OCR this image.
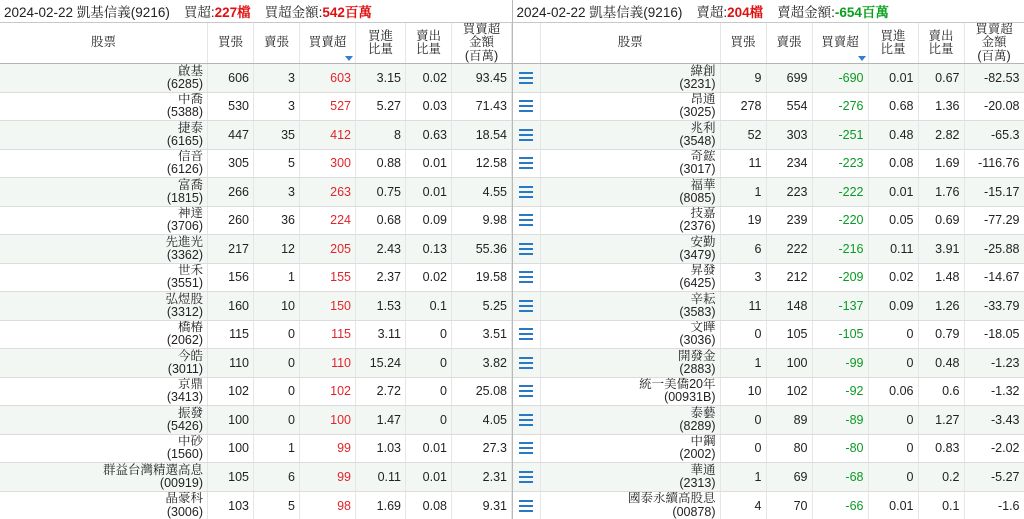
2024-02-22 凱基信義(9216) 買超: 227檔 買超金額: 542百萬
股票	買張	賣張	買賣超	買進比量	賣出比量	買賣超金額(百萬)
啟基
(6285)	606	3	603	3.15	0.02	93.45
中喬
(5388)	530	3	527	5.27	0.03	71.43
捷泰
(6165)	447	35	412	8	0.63	18.54
信音
(6126)	305	5	300	0.88	0.01	12.58
富喬
(1815)	266	3	263	0.75	0.01	4.55
神達
(3706)	260	36	224	0.68	0.09	9.98
先進光
(3362)	217	12	205	2.43	0.13	55.36
世禾
(3551)	156	1	155	2.37	0.02	19.58
弘煜股
(3312)	160	10	150	1.53	0.1	5.25
橋椿
(2062)	115	0	115	3.11	0	3.51
今皓
(3011)	110	0	110	15.24	0	3.82
京鼎
(3413)	102	0	102	2.72	0	25.08
振發
(5426)	100	0	100	1.47	0	4.05
中砂
(1560)	100	1	99	1.03	0.01	27.3
群益台灣精選高息
(00919)	105	6	99	0.11	0.01	2.31
晶豪科
(3006)	103	5	98	1.69	0.08	9.31
2024-02-22 凱基信義(9216) 賣超: 204檔 賣超金額: -654百萬
	股票	買張	賣張	買賣超	買進比量	賣出比量	買賣超金額(百萬)

	緯創
(3231)	9	699	-690	0.01	0.67	-82.53

	昂通
(3025)	278	554	-276	0.68	1.36	-20.08

	兆利
(3548)	52	303	-251	0.48	2.82	-65.3

	奇鋐
(3017)	11	234	-223	0.08	1.69	-116.76

	福華
(8085)	1	223	-222	0.01	1.76	-15.17

	技嘉
(2376)	19	239	-220	0.05	0.69	-77.29

	安勤
(3479)	6	222	-216	0.11	3.91	-25.88

	昇發
(6425)	3	212	-209	0.02	1.48	-14.67

	辛耘
(3583)	11	148	-137	0.09	1.26	-33.79

	文曄
(3036)	0	105	-105	0	0.79	-18.05

	開發金
(2883)	1	100	-99	0	0.48	-1.23

	統一美僑20年
(00931B)	10	102	-92	0.06	0.6	-1.32

	泰藝
(8289)	0	89	-89	0	1.27	-3.43

	中鋼
(2002)	0	80	-80	0	0.83	-2.02

	華通
(2313)	1	69	-68	0	0.2	-5.27

	國泰永續高股息
(00878)	4	70	-66	0.01	0.1	-1.6
